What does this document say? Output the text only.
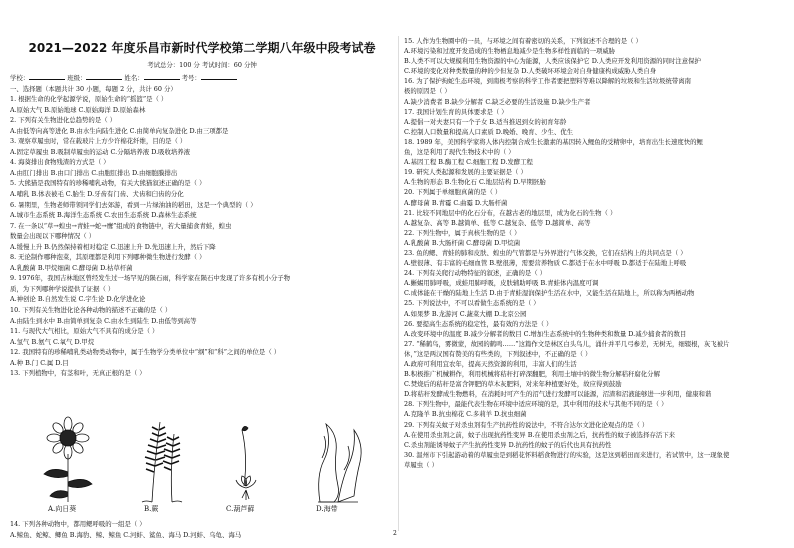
2021—2022 年度乐昌市新时代学校第二学期八年级中段考试卷
考试总分：100 分 考试时间：60 分钟
学校：	班级：	姓名：	考号：
一、选择题（本题共计 30 小题，每题 2 分，共计 60 分）
1. 根据生命的化学起源学说，原始生命的“摇篮”是（ ）
A.原始大气 B.原始地球 C.原始海洋 D.原始森林
2. 下列有关生物进化总趋势的是（ ）
A.由低等向高等进化 B.由水生向陆生进化 C.由简单向复杂进化 D.由三项都是
3. 观察草履虫时，常在载玻片上方少许棉花纤维，目的是（ ）
A.固定草履虫 B.吸制草履虫的运动 C.分隔培养液 D.吸收培养液
4. 海葵排出食物残渣的方式是（ ）
A.由肛门排出 B.由口门排出 C.由胞肛排出 D.由细胞膜排出
5. 大熊猫是我国特有的珍稀哺乳动物，有关大熊猫叙述正确的是（ ）
A.哺乳 B.体表被毛 C.胎生 D.牙齿有门齿、犬齿和臼齿的分化
6. 暑期里，生物老师带领同学们去郊游，看到一片绿油油的稻田，这是一个典型的（ ）
A.城市生态系统 B.海洋生态系统 C.农田生态系统 D.森林生态系统
7. 在一条以“草→蝗虫→青蛙→蛇→鹰”组成的食物链中，若大量捕食青蛙，蝗虫
数量会出现以下哪种情况（ ）
A.缓慢上升 B.仍然保持着相对稳定 C.迅速上升 D.先迅速上升，然后下降
8. 无论制作哪种泡菜，其原理都是利用下列哪种微生物进行发酵（ ）
A.乳酸菌 B.甲烷细菌 C.酵母菌 D.枯草杆菌
9. 1976年，我国吉林地区曾经发生过一场罕见的陨石雨，科学家在陨石中发现了许多有机小分子物
质，为下列哪种学说提供了证据（ ）
A.神创论 B.自然发生说 C.宇生论 D.化学进化论
10. 下列有关生物进化论各种动物的描述不正确的是（ ）
A.由陆生到水中 B.由简单到复杂 C.由水生到陆生 D.由低等到高等
11. 与现代大气相比，原始大气不具有的成分是（ ）
A.氢气 B.氨气 C.氧气 D.甲烷
12. 我国特有的珍稀哺乳类动物类动物中，属于生物学分类单位中“纲”和“科”之间的单位是（ ）
A.种 B.门 C.属 D.目
13. 下列植物中，有茎和叶，无真正根的是（ ）
A.向日葵	B.蕨	C.葫芦藓	D.海带
14. 下列各种动物中，都用鳃呼吸的一组是（ ）
A.鲸鱼、蛇鲸、鲫鱼 B.海豹、鲸、鲸鱼 C.河蚌、鲨鱼、海马 D.河蚌、乌龟、海马
15. 人作为生物圈中的一员，与环境之间有着密切的关系，下列叙述不合理的是（ ）
A.环境污染和过度开发造成的生物栖息地减少是生物多样性面临的一项威胁
B.人类不可以大规模利用生物资源的中心为能源，人类应该保护它 D.人类应开发利用资源的同时注意保护
C.环境的变化对种类数量的种的少但复杂 D.人类破坏环境会对自身健康构成威胁人类自身
16. 为了保护拘蛇生态环境，到南极考察的科学工作者要把塑料等难以降解的垃圾和生活垃圾统带离南
极的原因是（ ）
A.缺少消费者 B.缺少分解者 C.缺乏必要的生活设施 D.缺少生产者
17. 我国计划生育的具体要求是（ ）
A.提倡一对夫妻只有一个子女 B.适当推迟到女的初育年龄
C.控制人口数量和提高人口素质 D.晚婚、晚育、少生、优生
18. 1989 年，美国科学家将人体内控制合成生长激素的基因转入鲤鱼的受精卵中，培育出生长速度快的鲤
鱼，这是利用了现代生物技术中的（ ）
A.基因工程 B.酶工程 C.细胞工程 D.发酵工程
19. 研究人类起源和发展的主要证据是（ ）
A.生物的形态 B.生物化石 C.地层结构 D.早期胚胎
20. 下列属于单细胞真菌的是（ ）
A.酵母菌 B.青霉 C.曲霉 D.大肠杆菌
21. 比较不同地层中的化石分布，在越古老的地层里，成为化石的生物（ ）
A.越复杂、高等 B.越简单、低等 C.越复杂、低等 D.越简单、高等
22. 下列生物中，属于真核生物的是（ ）
A.乳酸菌 B.大肠杆菌 C.酵母菌 D.甲烷菌
23. 鱼的鳃、青蛙的肺和皮肤、蝗虫的气管都是与外界进行气体交换，它们在结构上的共同点是（ ）
A.壁很薄、有丰富的毛细血管 B.壁很薄，需要营养物质 C.都适于在水中呼吸 D.都适于在陆地上呼吸
24. 下列有关爬行动物特征的叙述，正确的是（ ）
A.蜥蜴用肺呼吸，成蛙用肺呼吸，皮肤辅助呼吸 B.青蛙体内温度可调
C.成体能在干燥的陆地上生活 D.由于青蛙湿润保护生活在水中，又能生活在陆地上，所以称为两栖动物
25. 下列说法中，不可以看做生态系统的是（ ）
A.如果梦 B.龙游河 C.蔬菜大棚 D.北京公园
26. 要提高生态系统的稳定性，最有效的方法是（ ）
A.改变环境中的温度 B.减少分解者的数目 C.增加生态系统中的生物种类和数量 D.减少捕食者的数目
27. “稀鹤鸟，雾微蒙，故园的鹤鸣……”这篇作文是林区白头鸟儿，涌什并平几弓参差，无树无，细辍根，灰飞被片
休，”这是两汉国有赞美的有些类的，下列叙述中，不正确的是（ ）
A.政府可利用宜农年，提高天然资源的利用，丰富人们的生活
B.积极推广机械耕作，利用机械将秸秆打碎深翻肥，利用土壤中的微生物分解秸秆腐化分解
C.焚烧后的秸秆是富含钾肥的草木灰肥料，对来年种植要好处，故应得到鼓励
D.将秸秆发酵成生物燃料，在消耗时可产生的沼气进行发酵可以能源，沼渣和沼液能够进一步利用，健康和谐
28. 下列生物中，最能代表生物在环境中适应环境的是，其中利用的技术与其他不同的是（ ）
A.克隆羊 B.抗虫棉花 C.多莉羊 D.抗虫细菌
29. 下列有关蚊子对杀虫剂有生产抗药性的说法中，不符合达尔文进化论观点的是（ ）
A.在使用杀虫剂之前，蚊子出现抗药性变异 B.在使用杀虫剂之后，抗药性的蚊子被选择存活下来
C.杀虫剂能诱导蚊子产生抗药性变异 D.抗药性的蚊子的后代也具有抗药性
30. 温州市下引起游动着的草履虫是到稻花怀料稻食物进行的实验，这是这到稻田而来进行，若试管中，这一现象使
草履虫（ ）
2
